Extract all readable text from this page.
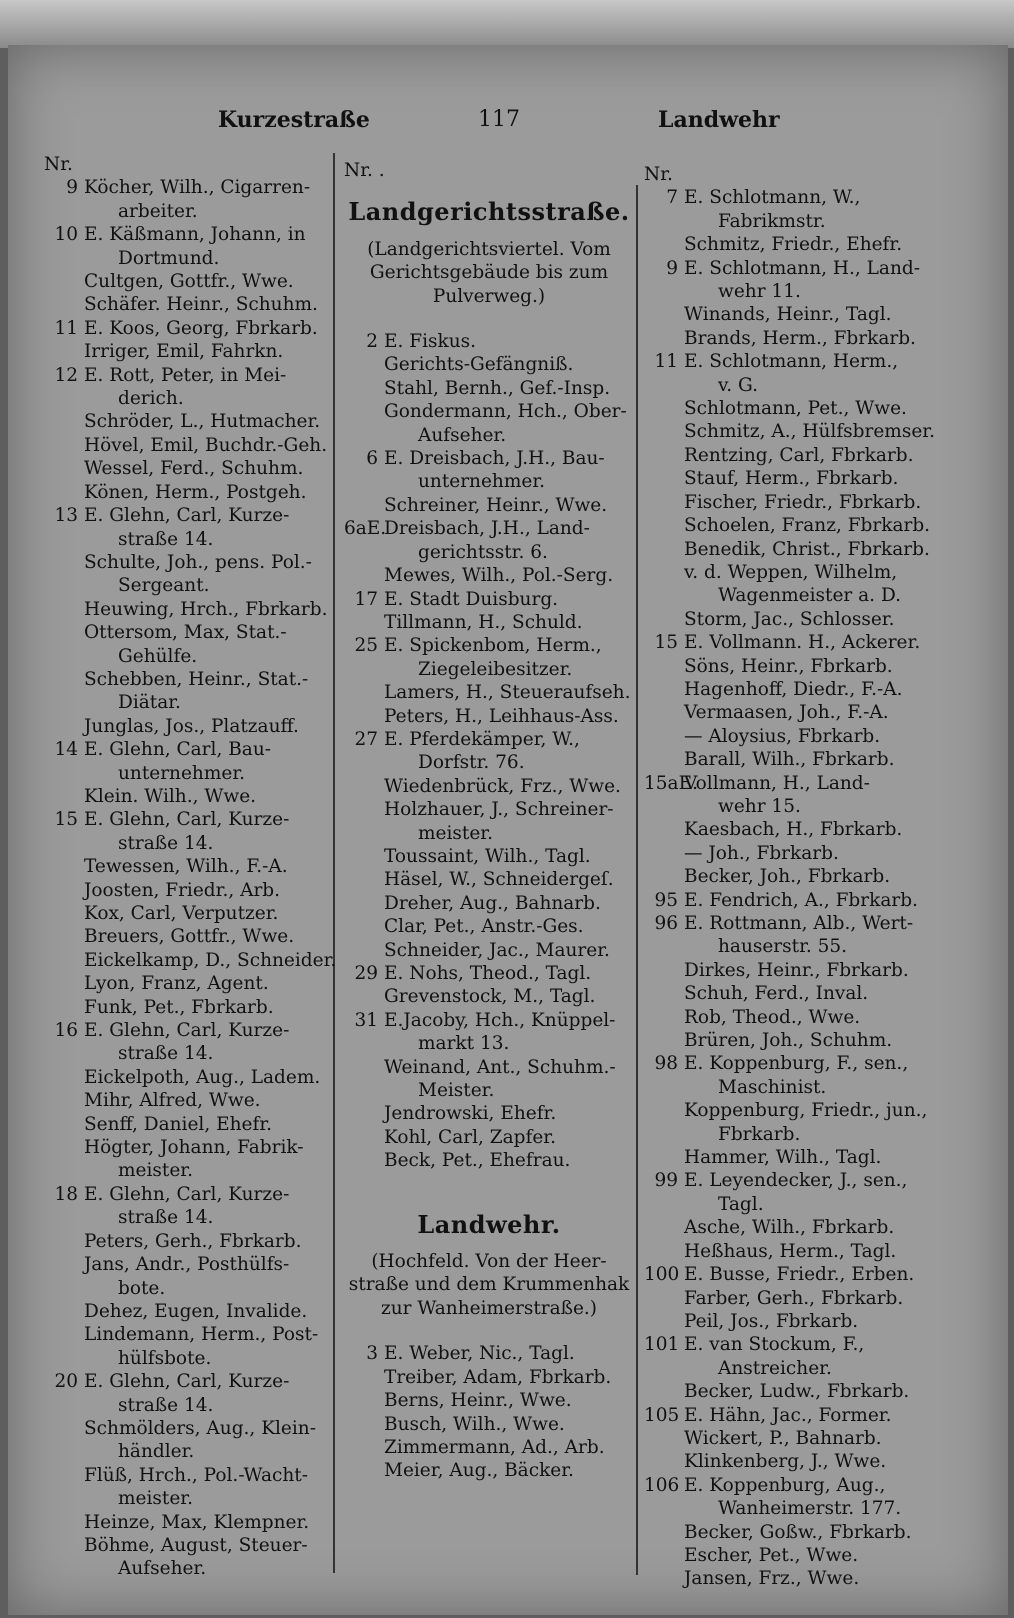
Kurzestraße	117	Landwehr
Nr.
9 Köcher, Wilh., Cigarren-
arbeiter.
10 E. Käßmann, Johann, in
Dortmund.
Cultgen, Gottfr., Wwe.
Schäfer. Heinr., Schuhm.
11 E. Koos, Georg, Fbrkarb.
Irriger, Emil, Fahrkn.
12 E. Rott, Peter, in Mei-
derich.
Schröder, L., Hutmacher.
Hövel, Emil, Buchdr.-Geh.
Wessel, Ferd., Schuhm.
Könen, Herm., Postgeh.
13 E. Glehn, Carl, Kurze-
straße 14.
Schulte, Joh., pens. Pol.-
Sergeant.
Heuwing, Hrch., Fbrkarb.
Ottersom, Max, Stat.-
Gehülfe.
Schebben, Heinr., Stat.-
Diätar.
Junglas, Jos., Platzauff.
14 E. Glehn, Carl, Bau-
unternehmer.
Klein. Wilh., Wwe.
15 E. Glehn, Carl, Kurze-
straße 14.
Tewessen, Wilh., F.-A.
Joosten, Friedr., Arb.
Kox, Carl, Verputzer.
Breuers, Gottfr., Wwe.
Eickelkamp, D., Schneider.
Lyon, Franz, Agent.
Funk, Pet., Fbrkarb.
16 E. Glehn, Carl, Kurze-
straße 14.
Eickelpoth, Aug., Ladem.
Mihr, Alfred, Wwe.
Senff, Daniel, Ehefr.
Högter, Johann, Fabrik-
meister.
18 E. Glehn, Carl, Kurze-
straße 14.
Peters, Gerh., Fbrkarb.
Jans, Andr., Posthülfs-
bote.
Dehez, Eugen, Invalide.
Lindemann, Herm., Post-
hülfsbote.
20 E. Glehn, Carl, Kurze-
straße 14.
Schmölders, Aug., Klein-
händler.
Flüß, Hrch., Pol.-Wacht-
meister.
Heinze, Max, Klempner.
Böhme, August, Steuer-
Aufseher.
Nr. .
Landgerichtsstraße.
(Landgerichtsviertel. Vom Gerichtsgebäude bis zum Pulverweg.)
2 E. Fiskus.
Gerichts-Gefängniß.
Stahl, Bernh., Gef.-Insp.
Gondermann, Hch., Ober-
Aufseher.
6 E. Dreisbach, J.H., Bau-
unternehmer.
Schreiner, Heinr., Wwe.
6aE.Dreisbach, J.H., Land-
gerichtsstr. 6.
Mewes, Wilh., Pol.-Serg.
17 E. Stadt Duisburg.
Tillmann, H., Schuld.
25 E. Spickenbom, Herm.,
Ziegeleibesitzer.
Lamers, H., Steueraufseh.
Peters, H., Leihhaus-Ass.
27 E. Pferdekämper, W.,
Dorfstr. 76.
Wiedenbrück, Frz., Wwe.
Holzhauer, J., Schreiner-
meister.
Toussaint, Wilh., Tagl.
Häsel, W., Schneidergeſ.
Dreher, Aug., Bahnarb.
Clar, Pet., Anstr.-Ges.
Schneider, Jac., Maurer.
29 E. Nohs, Theod., Tagl.
Grevenstock, M., Tagl.
31 E.Jacoby, Hch., Knüppel-
markt 13.
Weinand, Ant., Schuhm.-
Meister.
Jendrowski, Ehefr.
Kohl, Carl, Zapfer.
Beck, Pet., Ehefrau.
Landwehr.
(Hochfeld. Von der Heer-straße und dem Krummenhak zur Wanheimerstraße.)
3 E. Weber, Nic., Tagl.
Treiber, Adam, Fbrkarb.
Berns, Heinr., Wwe.
Busch, Wilh., Wwe.
Zimmermann, Ad., Arb.
Meier, Aug., Bäcker.
Nr.
7 E. Schlotmann, W.,
Fabrikmstr.
Schmitz, Friedr., Ehefr.
9 E. Schlotmann, H., Land-
wehr 11.
Winands, Heinr., Tagl.
Brands, Herm., Fbrkarb.
11 E. Schlotmann, Herm.,
v. G.
Schlotmann, Pet., Wwe.
Schmitz, A., Hülfsbremser.
Rentzing, Carl, Fbrkarb.
Stauf, Herm., Fbrkarb.
Fischer, Friedr., Fbrkarb.
Schoelen, Franz, Fbrkarb.
Benedik, Christ., Fbrkarb.
v. d. Weppen, Wilhelm,
Wagenmeister a. D.
Storm, Jac., Schlosser.
15 E. Vollmann. H., Ackerer.
Söns, Heinr., Fbrkarb.
Hagenhoff, Diedr., F.-A.
Vermaasen, Joh., F.-A.
— Aloysius, Fbrkarb.
Barall, Wilh., Fbrkarb.
15aE.Vollmann, H., Land-
wehr 15.
Kaesbach, H., Fbrkarb.
— Joh., Fbrkarb.
Becker, Joh., Fbrkarb.
95 E. Fendrich, A., Fbrkarb.
96 E. Rottmann, Alb., Wert-
hauserstr. 55.
Dirkes, Heinr., Fbrkarb.
Schuh, Ferd., Inval.
Rob, Theod., Wwe.
Brüren, Joh., Schuhm.
98 E. Koppenburg, F., sen.,
Maschinist.
Koppenburg, Friedr., jun.,
Fbrkarb.
Hammer, Wilh., Tagl.
99 E. Leyendecker, J., sen.,
Tagl.
Asche, Wilh., Fbrkarb.
Heßhaus, Herm., Tagl.
100 E. Busse, Friedr., Erben.
Farber, Gerh., Fbrkarb.
Peil, Jos., Fbrkarb.
101 E. van Stockum, F.,
Anstreicher.
Becker, Ludw., Fbrkarb.
105 E. Hähn, Jac., Former.
Wickert, P., Bahnarb.
Klinkenberg, J., Wwe.
106 E. Koppenburg, Aug.,
Wanheimerstr. 177.
Becker, Goßw., Fbrkarb.
Escher, Pet., Wwe.
Jansen, Frz., Wwe.
